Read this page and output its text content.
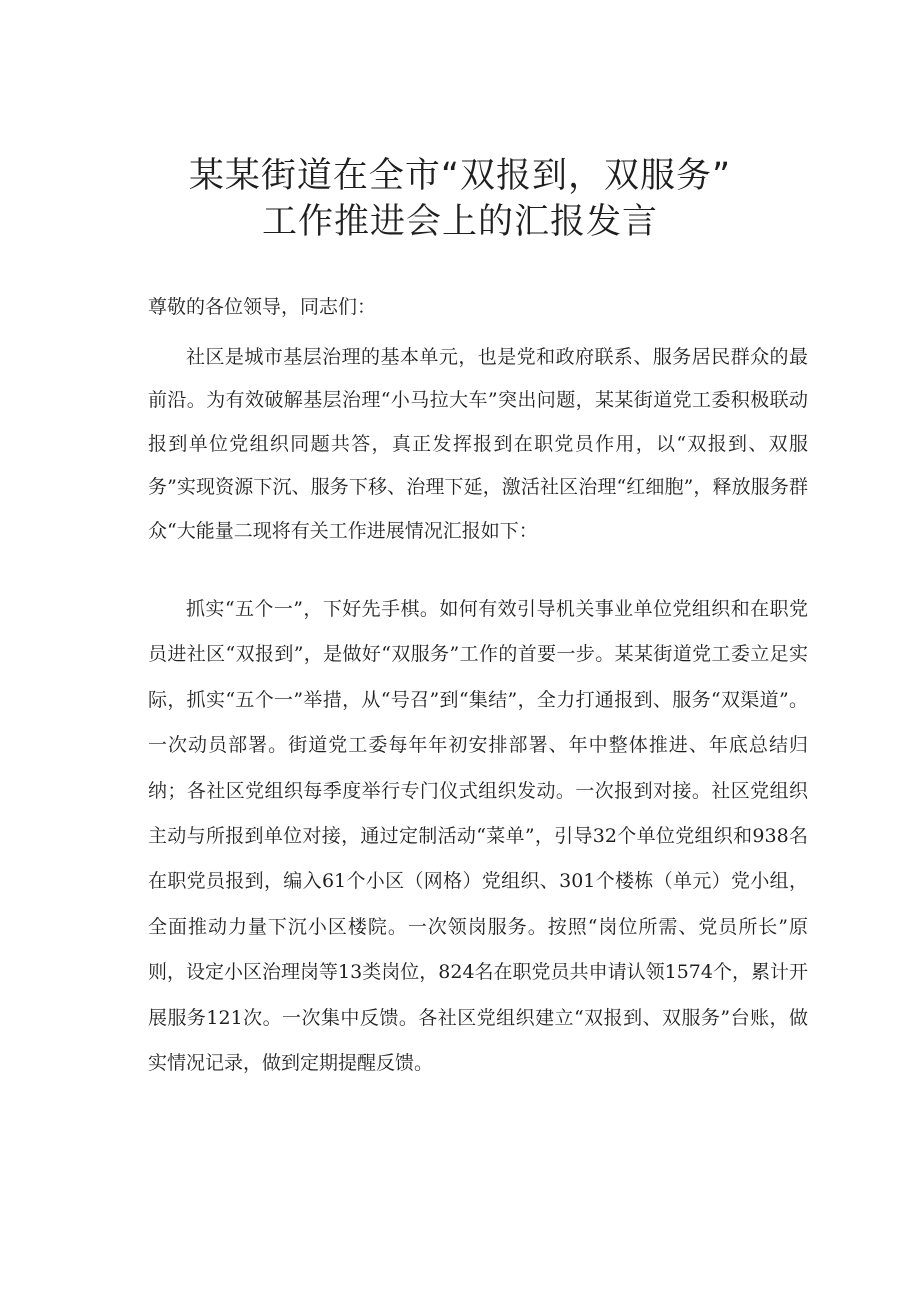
某某街道在全市“双报到，双服务”
工作推进会上的汇报发言
尊敬的各位领导，同志们：

社区是城市基层治理的基本单元，也是党和政府联系、服务居民群众的最前沿。为有效破解基层治理“小马拉大车”突出问题，某某街道党工委积极联动报到单位党组织同题共答，真正发挥报到在职党员作用，以“双报到、双服务”实现资源下沉、服务下移、治理下延，激活社区治理“红细胞”，释放服务群众“大能量二现将有关工作进展情况汇报如下：

抓实“五个一”，下好先手棋。如何有效引导机关事业单位党组织和在职党员进社区“双报到”，是做好“双服务”工作的首要一步。某某街道党工委立足实际，抓实“五个一”举措，从“号召”到“集结”，全力打通报到、服务“双渠道”。一次动员部署。街道党工委每年年初安排部署、年中整体推进、年底总结归纳；各社区党组织每季度举行专门仪式组织发动。一次报到对接。社区党组织主动与所报到单位对接，通过定制活动“菜单”，引导32个单位党组织和938名在职党员报到，编入61个小区（网格）党组织、301个楼栋（单元）党小组，全面推动力量下沉小区楼院。一次领岗服务。按照“岗位所需、党员所长”原则，设定小区治理岗等13类岗位，824名在职党员共申请认领1574个，累计开展服务121次。一次集中反馈。各社区党组织建立“双报到、双服务”台账，做实情况记录，做到定期提醒反馈。
